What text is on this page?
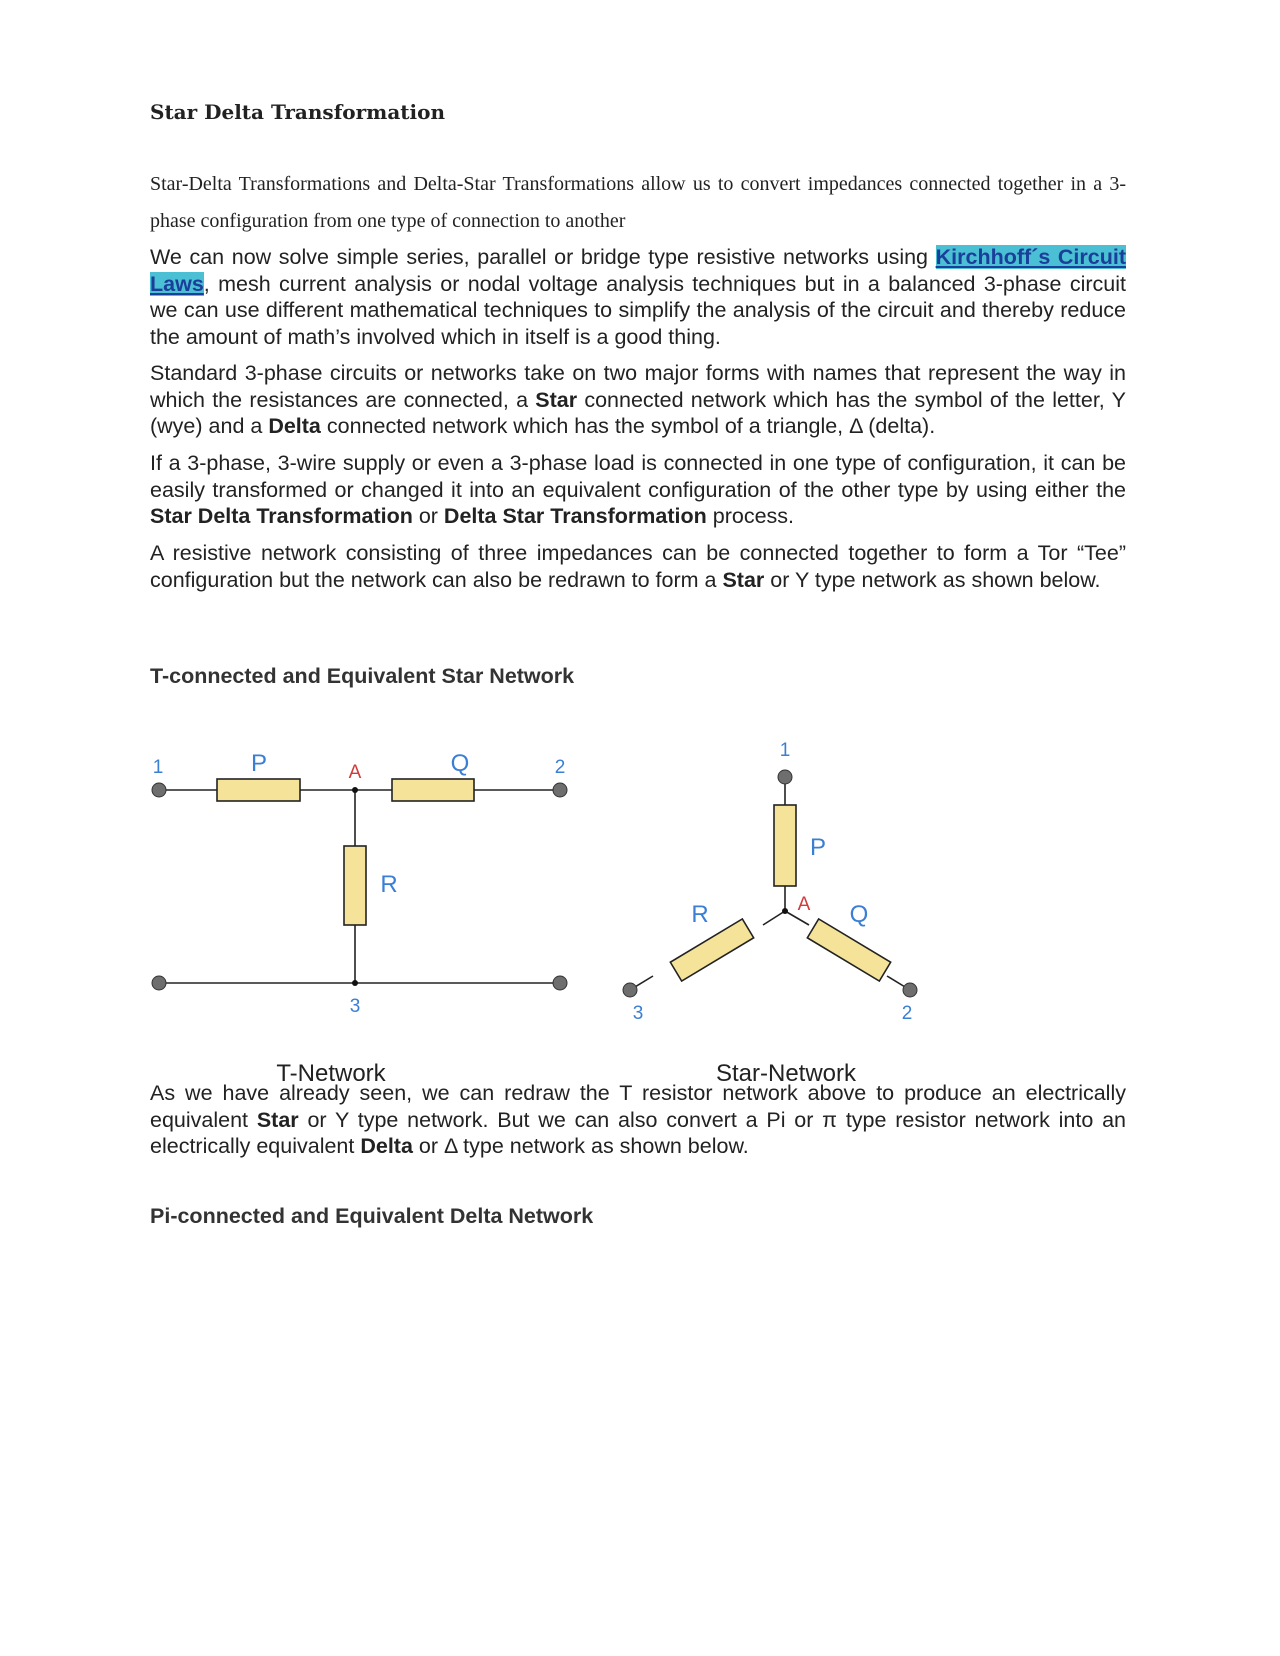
Star Delta Transformation
Star-Delta Transformations and Delta-Star Transformations allow us to convert impedances connected together in a 3-phase configuration from one type of connection to another

We can now solve simple series, parallel or bridge type resistive networks using Kirchhoff´s Circuit Laws, mesh current analysis or nodal voltage analysis techniques but in a balanced 3-phase circuit we can use different mathematical techniques to simplify the analysis of the circuit and thereby reduce the amount of math’s involved which in itself is a good thing.

Standard 3-phase circuits or networks take on two major forms with names that represent the way in which the resistances are connected, a Star connected network which has the symbol of the letter, Y (wye) and a Delta connected network which has the symbol of a triangle, Δ (delta).

If a 3-phase, 3-wire supply or even a 3-phase load is connected in one type of configuration, it can be easily transformed or changed it into an equivalent configuration of the other type by using either the Star Delta Transformation or Delta Star Transformation process.

A resistive network consisting of three impedances can be connected together to form a Tor “Tee” configuration but the network can also be redrawn to form a Star or Y type network as shown below.

T-connected and Equivalent Star Network
1	2
3
A
P	Q
R
T-Network
1
2
3
A
P
Q
R
Star-Network

As we have already seen, we can redraw the T resistor network above to produce an electrically equivalent Star or Y type network. But we can also convert a Pi or π type resistor network into an electrically equivalent Delta or Δ type network as shown below.

Pi-connected and Equivalent Delta Network
